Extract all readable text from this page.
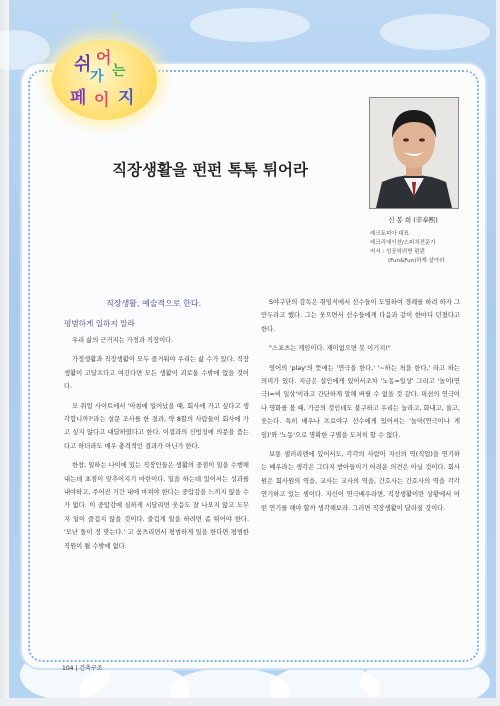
☾
쉬 어
가 는
페 이 지
직장생활을 펀펀 톡톡 튀어라
신 봉 희 (辛奉熙)
레크토피아 대표
레크리에이션/스피치전문가
저서 : 성공하려면 펀펀
(Fun&Fun)하게 살아라
직장생활, 예술적으로 한다.
평범하게 일하지 말라

우리 삶의 근거지는 가정과 직장이다.

가정생활과 직장생활이 모두 즐거워야 우리는 삶 수가 있다. 직장 생활이 고달프다고 여긴다면 모든 생활이 괴로울 수밖에 없을 것이다.

모 취업 사이트에서 '아침에 일어났을 때, 회사에 가고 싶다고 생각합니까?'라는 설문 조사를 한 결과, 약 8할의 사람들이 회사에 가고 싶지 않다고 대답하였다고 한다. 이결과의 신빙성에 의문을 품는다고 하더라도 매우 충격적인 결과가 아닌가 한다.

한창, 일하는 나이에 있는 직장인들은 생활의 중점이 일을 수행해내는데 초점이 맞추어지기 마련이다. 일을 하는데 있어서는 성과를 내야하고, 주어진 기간 내에 마쳐야 한다는 중압감을 느끼지 않을 수가 없다. 이 중압감에 심하게 시달리면 웃음도 잘 나오지 않고 도무지 일이 즐겁지 않을 것이다. 즐겁게 일을 하려면 좀 튀어야 한다. '모난 돌이 정 맞는다.' 고 움츠리면서 평범하게 일을 한다면 평범한 직원이 될 수밖에 없다.

S야구단의 감독은 취임식에서 선수들이 도열하여 경례를 하려 하자 그만두라고 했다. 그는 웃으면서 선수들에게 다음과 같이 한마디 던졌다고 한다.

"스포츠는 게임이다. 재미없으면 못 이기지!"

영어의 'play'의 뜻에는 '연극을 한다,' '~하는 척을 한다,' 라고 하는 의미가 있다. 지금은 설인에게 있어서조차 '노동=일상' 그리고 '놀이(연극)=비 일상'이라고 간단하게 말해 버릴 수 없을 것 같다. 픽션의 연극이나 영화를 볼 때, 가공의 것인데도 불구하고 우리는 놀라고, 화내고, 울고, 웃는다. 특히 배우나 프로야구 선수에게 있어서는 '놀이(연극이나 게임)'와 '노동'으로 명확한 구별을 도저히 할 수 없다.

보통 샐러리맨에 있어서도, 각각의 사람이 자신의 역(직업)을 연기하는 배우라는 생각은 그다지 받아들이기 어려운 의견은 아닐 것이다. 회사원은 회사원의 역을, 교사는 교사의 역을, 간호사는 간호사의 역을 각각 연기하고 있는 셈이다. 자신이 연극배우라면, 직장생활이란 상황에서 어떤 연기를 해야 할까 생각해보라. 그러면 직장생활이 달라질 것이다.

104 | 건축구조
